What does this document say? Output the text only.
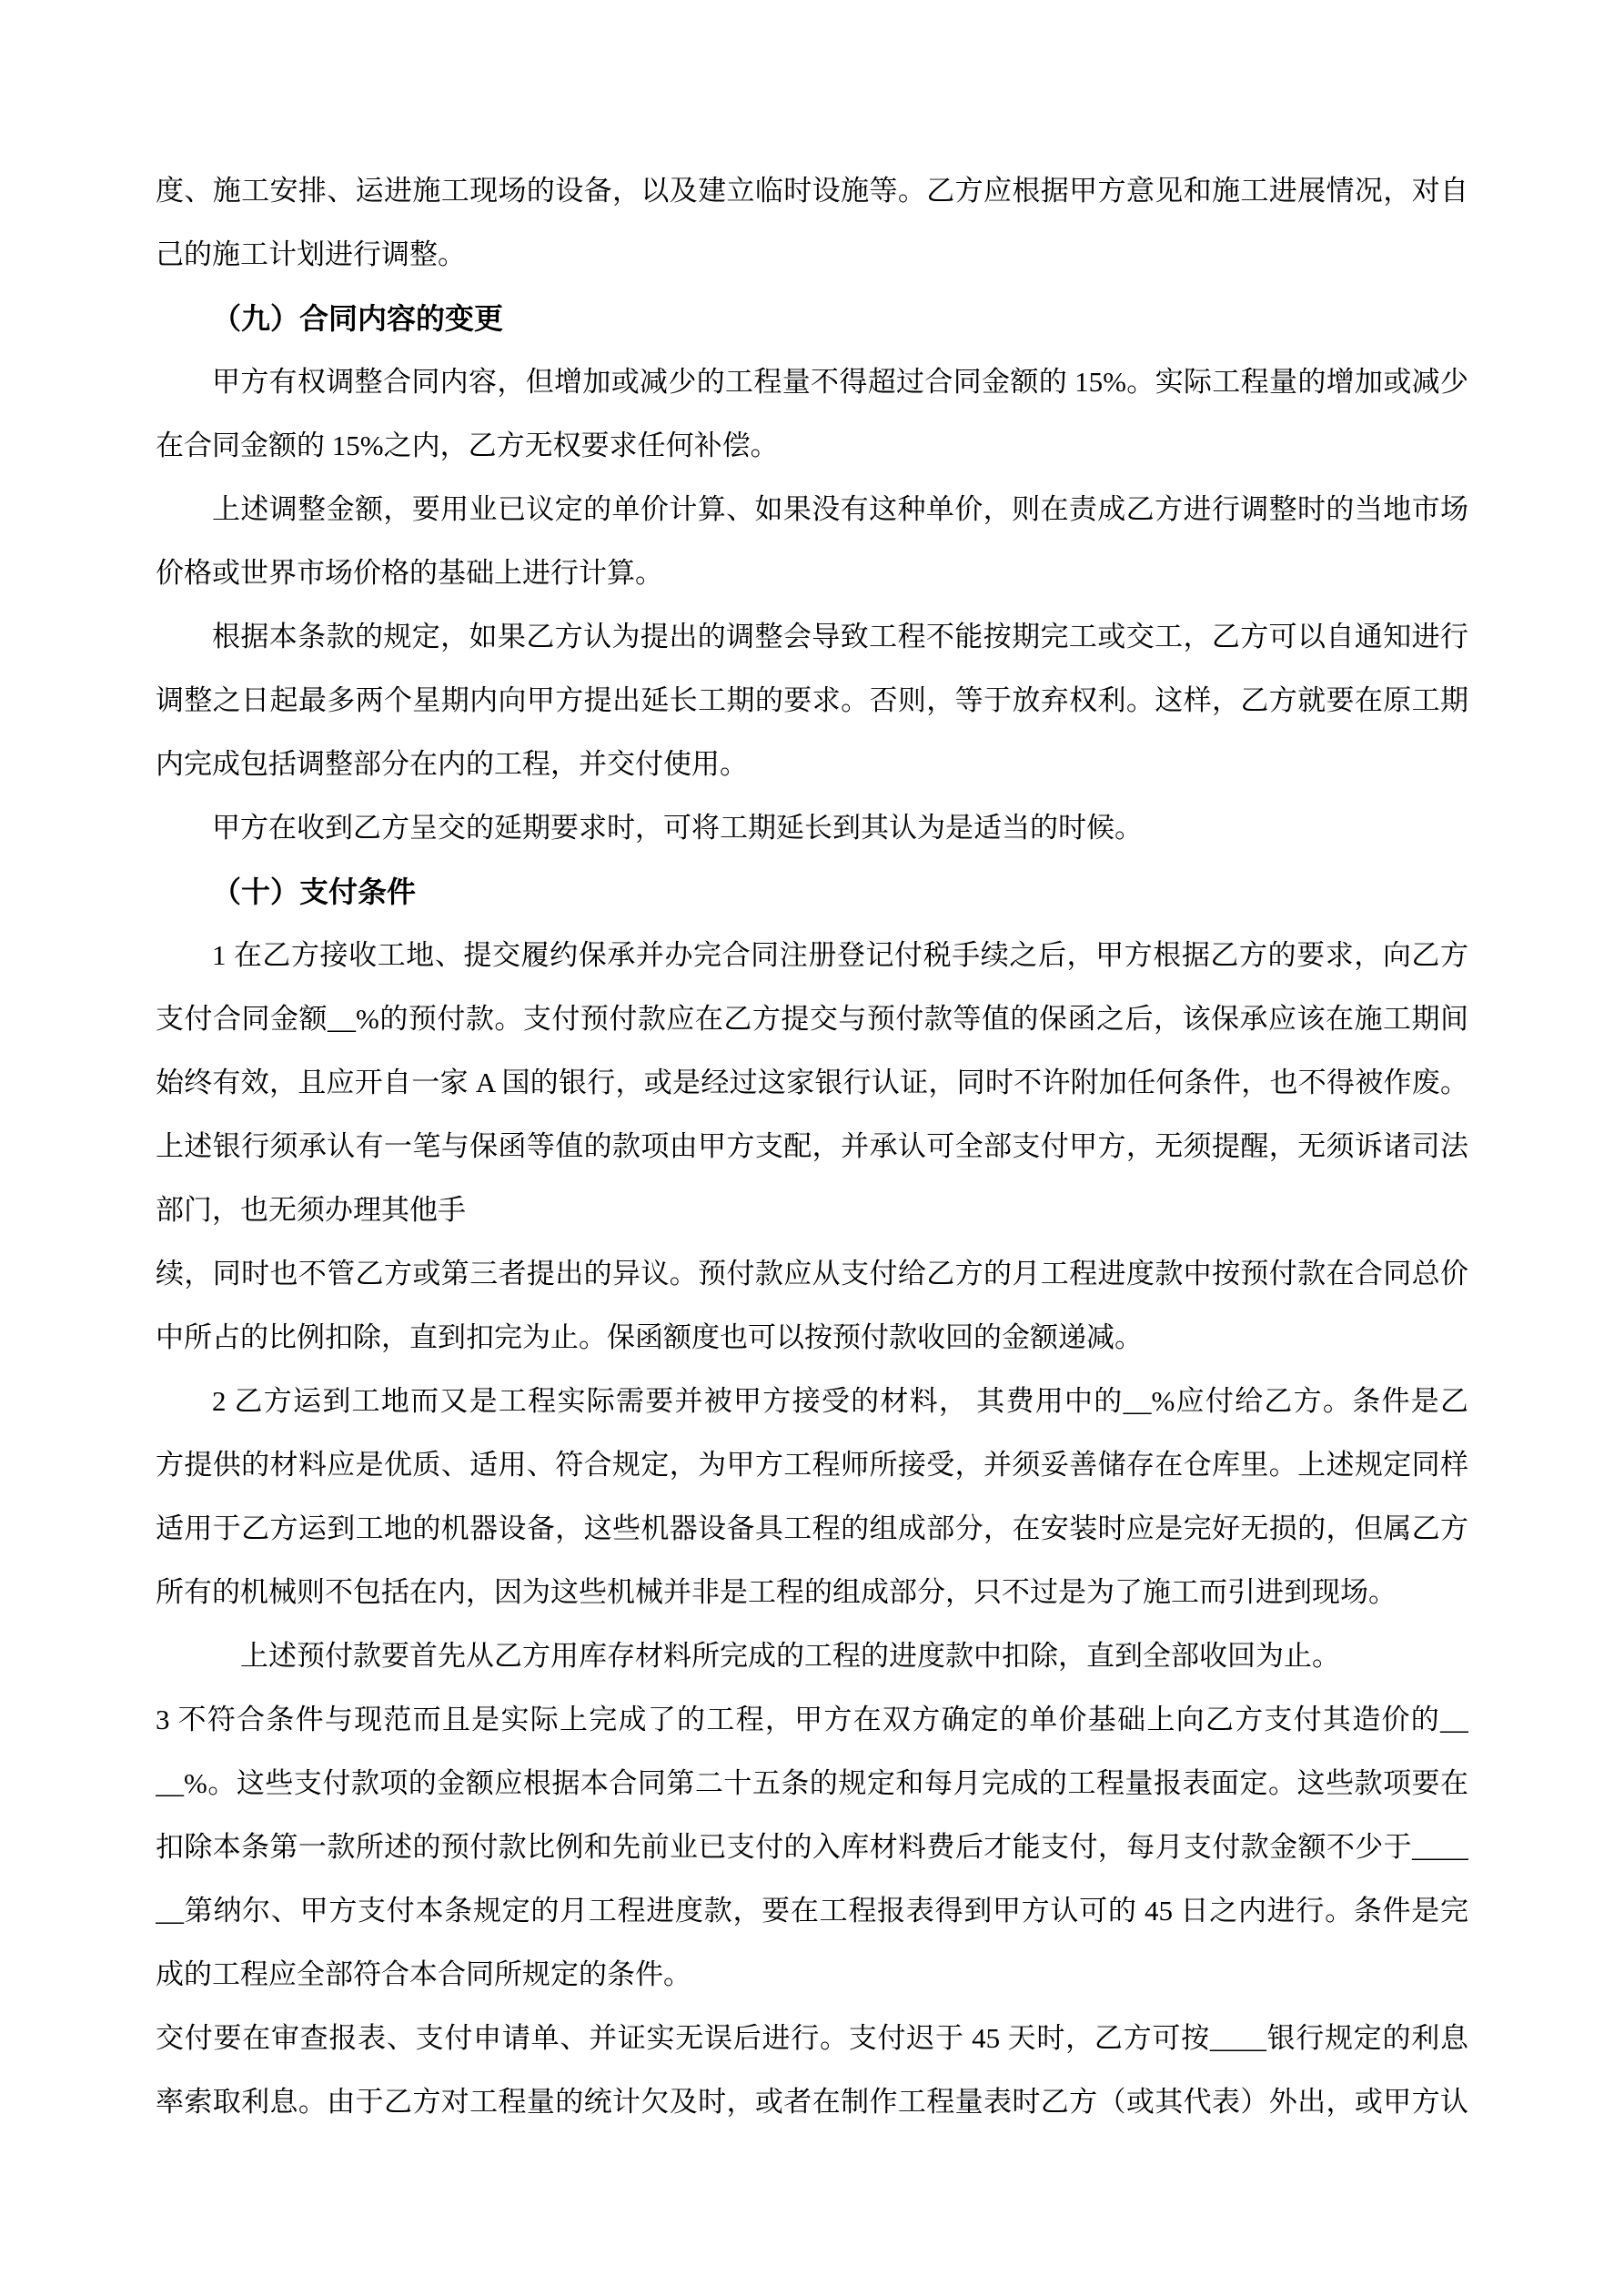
度、施工安排、运进施工现场的设备，以及建立临时设施等。乙方应根据甲方意见和施工进展情况，对自
己的施工计划进行调整。
（九）合同内容的变更
甲方有权调整合同内容，但增加或减少的工程量不得超过合同金额的 15%。实际工程量的增加或减少
在合同金额的 15%之内，乙方无权要求任何补偿。
上述调整金额，要用业已议定的单价计算、如果没有这种单价，则在责成乙方进行调整时的当地市场
价格或世界市场价格的基础上进行计算。
根据本条款的规定，如果乙方认为提出的调整会导致工程不能按期完工或交工，乙方可以自通知进行
调整之日起最多两个星期内向甲方提出延长工期的要求。否则，等于放弃权利。这样，乙方就要在原工期
内完成包括调整部分在内的工程，并交付使用。
甲方在收到乙方呈交的延期要求时，可将工期延长到其认为是适当的时候。
（十）支付条件
1 在乙方接收工地、提交履约保承并办完合同注册登记付税手续之后，甲方根据乙方的要求，向乙方
支付合同金额__%的预付款。支付预付款应在乙方提交与预付款等值的保函之后，该保承应该在施工期间
始终有效，且应开自一家 A 国的银行，或是经过这家银行认证，同时不许附加任何条件，也不得被作废。
上述银行须承认有一笔与保函等值的款项由甲方支配，并承认可全部支付甲方，无须提醒，无须诉诸司法
部门，也无须办理其他手
续，同时也不管乙方或第三者提出的异议。预付款应从支付给乙方的月工程进度款中按预付款在合同总价
中所占的比例扣除，直到扣完为止。保函额度也可以按预付款收回的金额递减。
2 乙方运到工地而又是工程实际需要并被甲方接受的材料， 其费用中的__%应付给乙方。条件是乙
方提供的材料应是优质、适用、符合规定，为甲方工程师所接受，并须妥善储存在仓库里。上述规定同样
适用于乙方运到工地的机器设备，这些机器设备具工程的组成部分，在安装时应是完好无损的，但属乙方
所有的机械则不包括在内，因为这些机械并非是工程的组成部分，只不过是为了施工而引进到现场。
上述预付款要首先从乙方用库存材料所完成的工程的进度款中扣除，直到全部收回为止。
3 不符合条件与现范而且是实际上完成了的工程，甲方在双方确定的单价基础上向乙方支付其造价的__
__%。这些支付款项的金额应根据本合同第二十五条的规定和每月完成的工程量报表面定。这些款项要在
扣除本条第一款所述的预付款比例和先前业已支付的入库材料费后才能支付，每月支付款金额不少于____
__第纳尔、甲方支付本条规定的月工程进度款，要在工程报表得到甲方认可的 45 日之内进行。条件是完
成的工程应全部符合本合同所规定的条件。
交付要在审查报表、支付申请单、并证实无误后进行。支付迟于 45 天时，乙方可按____银行规定的利息
率索取利息。由于乙方对工程量的统计欠及时，或者在制作工程量表时乙方（或其代表）外出，或甲方认
